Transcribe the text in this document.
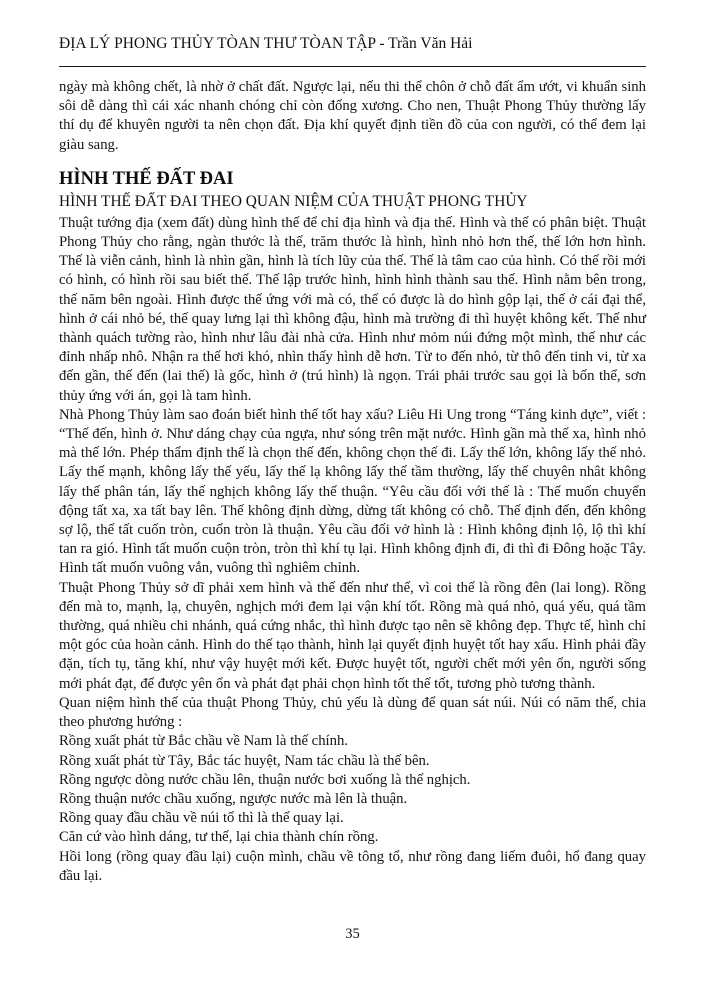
ĐỊA LÝ PHONG THỦY TÒAN THƯ TÒAN TẬP - Trần Văn Hải

ngày mà không chết, là nhờ ở chất đất. Ngược lại, nếu thi thể chôn ở chỗ đất ẩm ướt, vi khuẩn sinh sôi dễ dàng thì cái xác nhanh chóng chỉ còn đống xương. Cho nen, Thuật Phong Thủy thường lấy thí dụ để khuyên người ta nên chọn đất. Địa khí quyết định tiền đồ của con người, có thể đem lại giàu sang.

HÌNH THẾ ĐẤT ĐAI
HÌNH THẾ ĐẤT ĐAI THEO QUAN NIỆM CỦA THUẬT PHONG THỦY

Thuật tướng địa (xem đất) dùng hình thế để chỉ địa hình và địa thế. Hình và thế có phân biệt. Thuật Phong Thủy cho rằng, ngàn thước là thế, trăm thước là hình, hình nhỏ hơn thế, thế lớn hơn hình. Thế là viễn cảnh, hình là nhìn gần, hình là tích lũy của thế. Thế là tâm cao của hình. Có thế rồi mới có hình, có hình rồi sau biết thế. Thế lập trước hình, hình hình thành sau thế. Hình nằm bên trong, thế năm bên ngoài. Hình được thế ứng với mà có, thế có được là do hình gộp lại, thế ở cái đại thể, hình ở cái nhỏ bé, thế quay lưng lại thì không đậu, hình mà trường đi thì huyệt không kết. Thế như thành quách tường rào, hình như lâu đài nhà cửa. Hình như mỏm núi đứng một mình, thế như các đỉnh nhấp nhô. Nhận ra thế hơi khó, nhìn thấy hình dễ hơn. Từ to đến nhỏ, từ thô đến tinh vi, từ xa đến gần, thế đến (lai thế) là gốc, hình ở (trú hình) là ngọn. Trái phải trước sau gọi là bốn thể, sơn thủy ứng với án, gọi là tam hình.

Nhà Phong Thủy làm sao đoán biết hình thế tốt hay xấu? Liêu Hi Ung trong “Táng kinh dực”, viết : “Thế đến, hình ở. Như dáng chạy của ngựa, như sóng trên mặt nước. Hình gần mà thế xa, hình nhỏ mà thế lớn. Phép thẩm định thế là chọn thế đến, không chọn thế đi. Lấy thế lớn, không lấy thế nhỏ. Lấy thế mạnh, không lấy thế yếu, lấy thế lạ không lấy thế tầm thường, lấy thế chuyên nhât không lấy thế phân tán, lấy thế nghịch không lấy thế thuận. “Yêu cầu đối với thế là : Thế muốn chuyển động tất xa, xa tất bay lên. Thế không định dừng, dừng tất không có chỗ. Thế định đến, đến không sợ lộ, thế tất cuốn tròn, cuốn tròn là thuận. Yêu cầu đối vở hình là : Hình không định lộ, lộ thì khí tan ra gió. Hình tất muốn cuộn tròn, tròn thì khí tụ lại. Hình không định đi, đi thì đi Đông hoặc Tây. Hình tất muốn vuông vắn, vuông thì nghiêm chỉnh.

Thuật Phong Thủy sở dĩ phải xem hình và thế đến như thế, vì coi thế là rồng đên (lai long). Rồng đến mà to, mạnh, lạ, chuyên, nghịch mới đem lại vận khí tốt. Rồng mà quá nhỏ, quá yếu, quá tầm thường, quá nhiều chi nhánh, quá cứng nhắc, thì hình được tạo nên sẽ không đẹp. Thực tế, hình chỉ một góc của hoàn cảnh. Hình do thế tạo thành, hình lại quyết định huyệt tốt hay xấu. Hình phải đầy đặn, tích tụ, tăng khí, như vậy huyệt mới kết. Được huyệt tốt, người chết mới yên ổn, người sống mới phát đạt, để được yên ổn và phát đạt phải chọn hình tốt thế tốt, tương phò tương thành.

Quan niệm hình thế của thuật Phong Thủy, chủ yếu là dùng để quan sát núi. Núi có năm thế, chia theo phương hướng :

Rồng xuất phát từ Bắc chầu về Nam là thế chính.

Rồng xuất phát từ Tây, Bắc tác huyệt, Nam tác chầu là thế bên.

Rồng ngược dòng nước chầu lên, thuận nước bơi xuống là thế nghịch.

Rồng thuận nước chầu xuống, ngược nước mà lên là thuận.

Rồng quay đầu chầu về núi tổ thì là thế quay lại.

Căn cứ vào hình dáng, tư thế, lại chia thành chín rồng.

Hồi long (rồng quay đầu lại) cuộn mình, chầu về tông tổ, như rồng đang liếm đuôi, hổ đang quay đầu lại.

35
